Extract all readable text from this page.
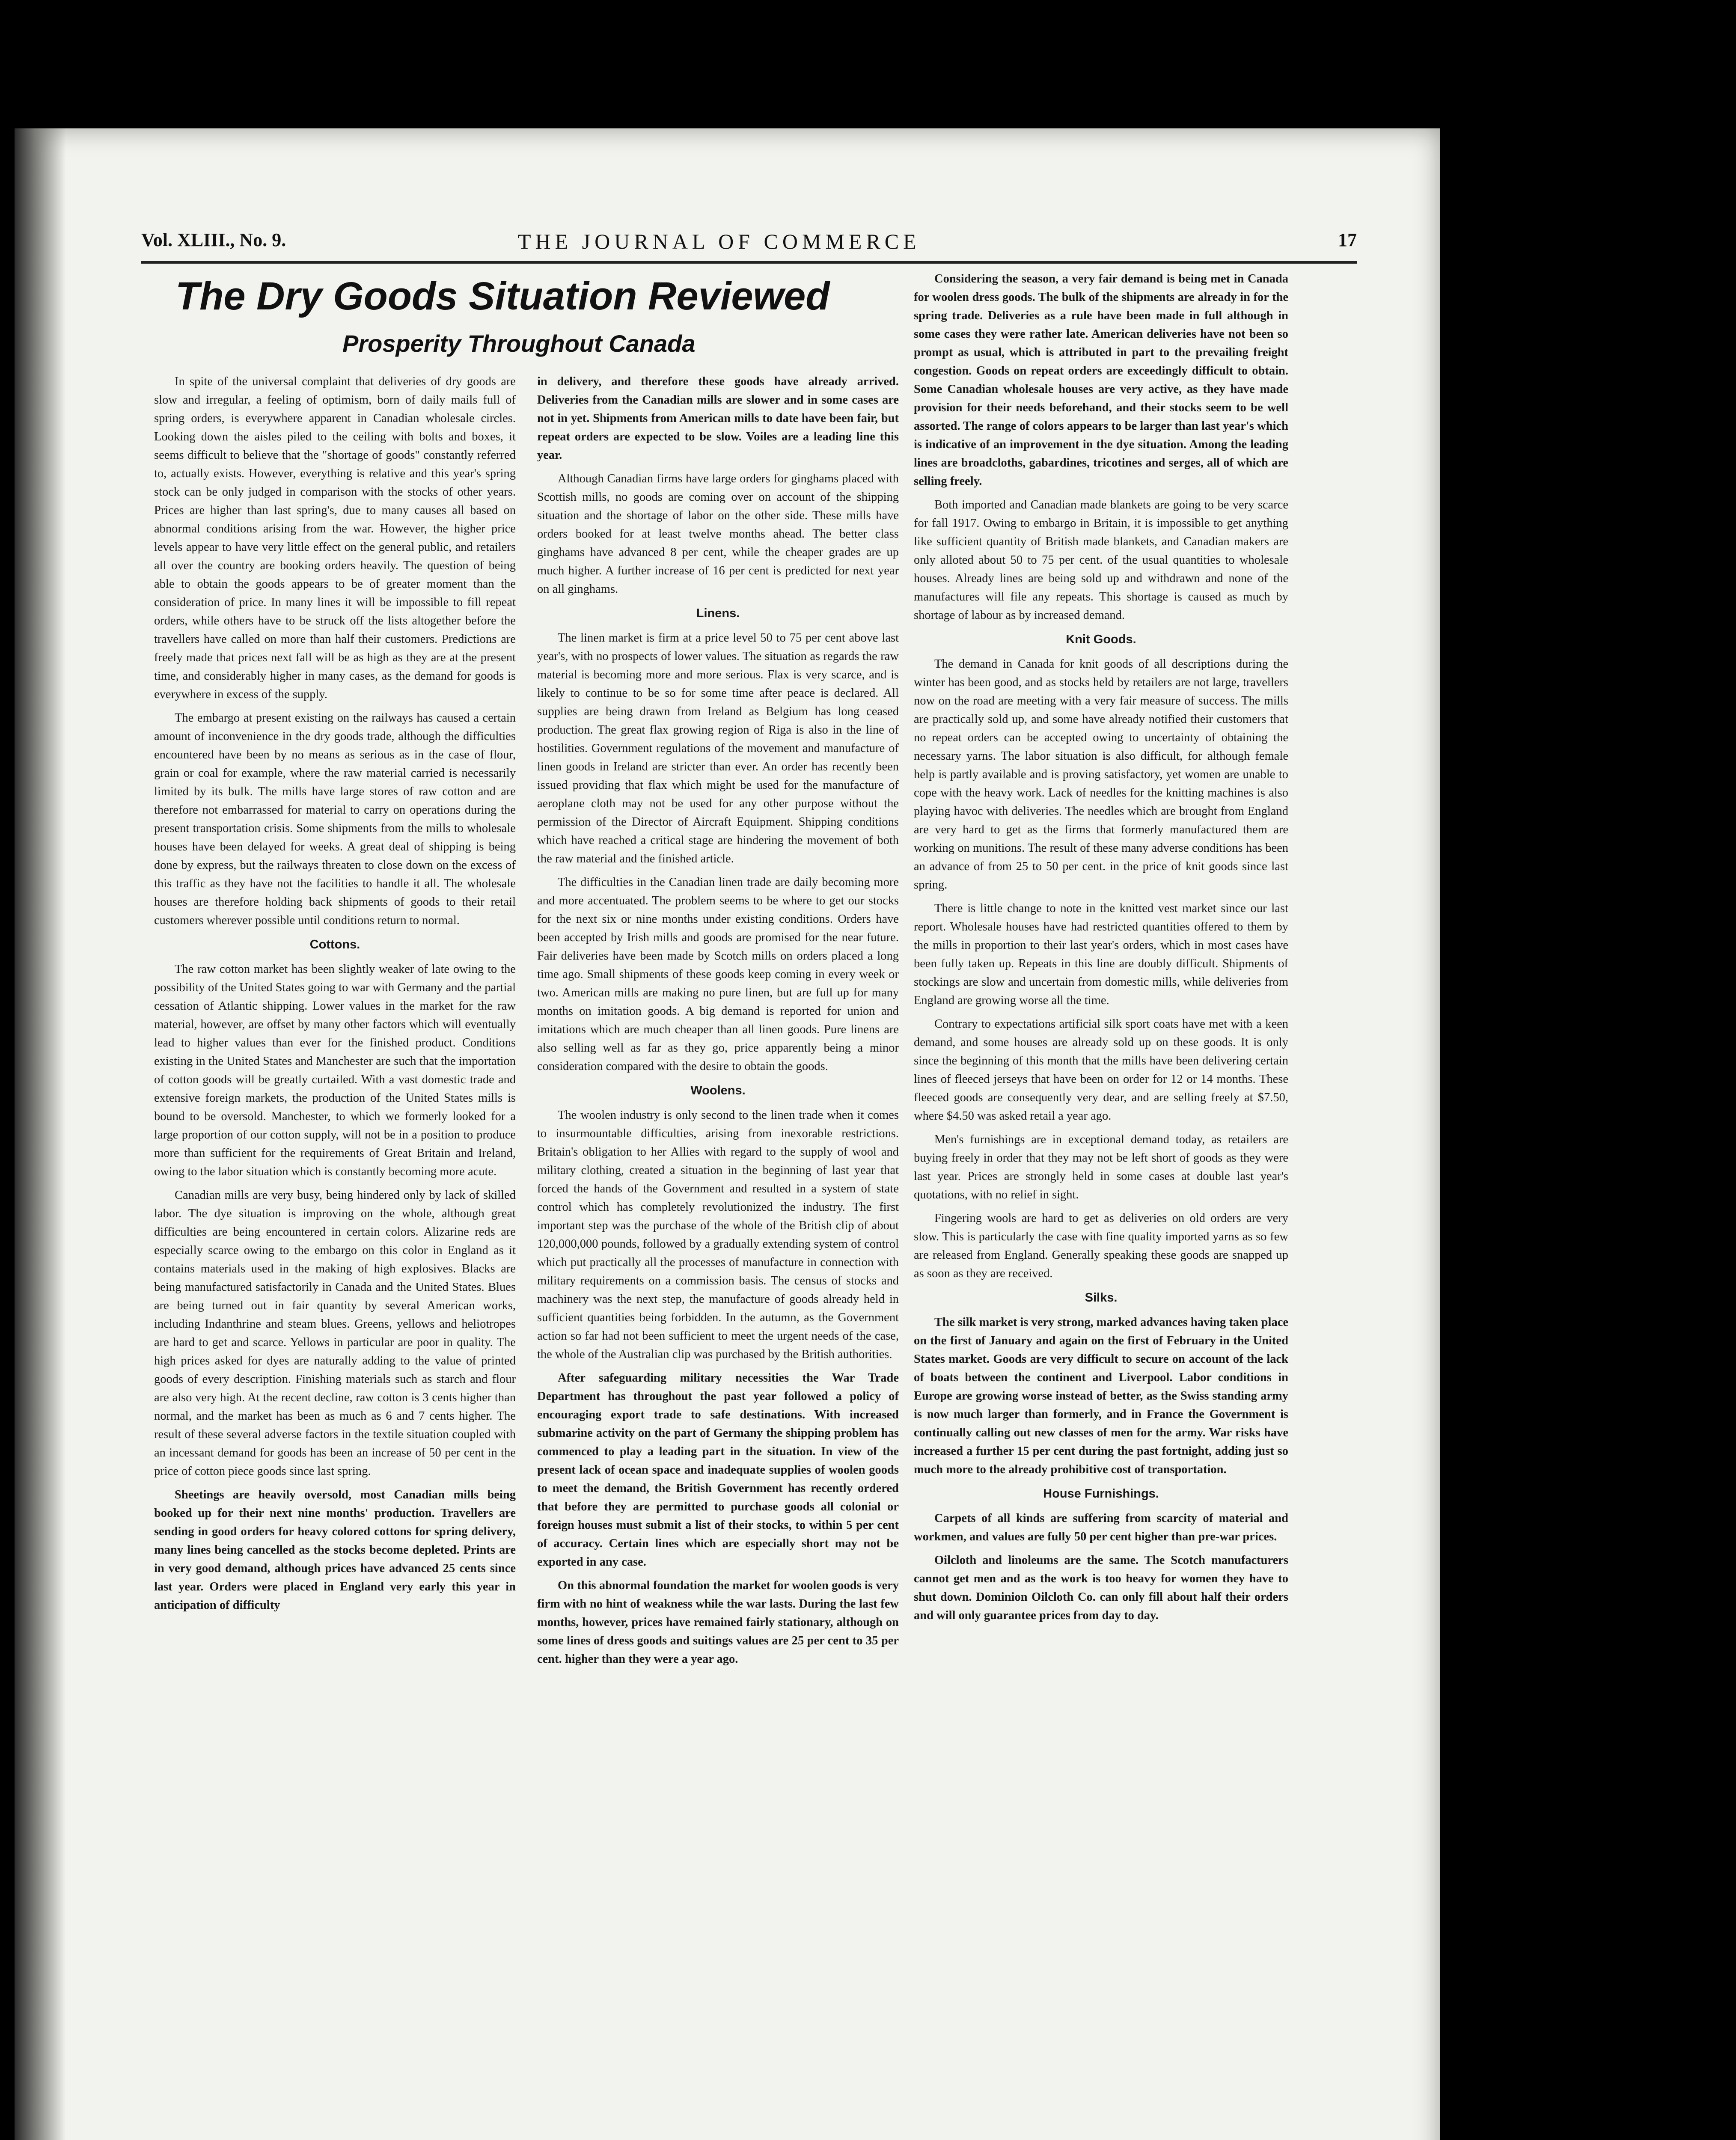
Vol. XLIII., No. 9.	THE JOURNAL OF COMMERCE	17
The Dry Goods Situation Reviewed
Prosperity Throughout Canada

In spite of the universal complaint that deliveries of dry goods are slow and irregular, a feeling of optimism, born of daily mails full of spring orders, is everywhere apparent in Canadian wholesale circles. Looking down the aisles piled to the ceiling with bolts and boxes, it seems difficult to believe that the "shortage of goods" constantly referred to, actually exists. However, everything is relative and this year's spring stock can be only judged in comparison with the stocks of other years. Prices are higher than last spring's, due to many causes all based on abnormal conditions arising from the war. However, the higher price levels appear to have very little effect on the general public, and retailers all over the country are booking orders heavily. The question of being able to obtain the goods appears to be of greater moment than the consideration of price. In many lines it will be impossible to fill repeat orders, while others have to be struck off the lists altogether before the travellers have called on more than half their customers. Predictions are freely made that prices next fall will be as high as they are at the present time, and considerably higher in many cases, as the demand for goods is everywhere in excess of the supply.

The embargo at present existing on the railways has caused a certain amount of inconvenience in the dry goods trade, although the difficulties encountered have been by no means as serious as in the case of flour, grain or coal for example, where the raw material carried is necessarily limited by its bulk. The mills have large stores of raw cotton and are therefore not embarrassed for material to carry on operations during the present transportation crisis. Some shipments from the mills to wholesale houses have been delayed for weeks. A great deal of shipping is being done by express, but the railways threaten to close down on the excess of this traffic as they have not the facilities to handle it all. The wholesale houses are therefore holding back shipments of goods to their retail customers wherever possible until conditions return to normal.

Cottons.

The raw cotton market has been slightly weaker of late owing to the possibility of the United States going to war with Germany and the partial cessation of Atlantic shipping. Lower values in the market for the raw material, however, are offset by many other factors which will eventually lead to higher values than ever for the finished product. Conditions existing in the United States and Manchester are such that the importation of cotton goods will be greatly curtailed. With a vast domestic trade and extensive foreign markets, the production of the United States mills is bound to be oversold. Manchester, to which we formerly looked for a large proportion of our cotton supply, will not be in a position to produce more than sufficient for the requirements of Great Britain and Ireland, owing to the labor situation which is constantly becoming more acute.

Canadian mills are very busy, being hindered only by lack of skilled labor. The dye situation is improving on the whole, although great difficulties are being encountered in certain colors. Alizarine reds are especially scarce owing to the embargo on this color in England as it contains materials used in the making of high explosives. Blacks are being manufactured satisfactorily in Canada and the United States. Blues are being turned out in fair quantity by several American works, including Indanthrine and steam blues. Greens, yellows and heliotropes are hard to get and scarce. Yellows in particular are poor in quality. The high prices asked for dyes are naturally adding to the value of printed goods of every description. Finishing materials such as starch and flour are also very high. At the recent decline, raw cotton is 3 cents higher than normal, and the market has been as much as 6 and 7 cents higher. The result of these several adverse factors in the textile situation coupled with an incessant demand for goods has been an increase of 50 per cent in the price of cotton piece goods since last spring.

Sheetings are heavily oversold, most Canadian mills being booked up for their next nine months' production. Travellers are sending in good orders for heavy colored cottons for spring delivery, many lines being cancelled as the stocks become depleted. Prints are in very good demand, although prices have advanced 25 cents since last year. Orders were placed in England very early this year in anticipation of difficulty

in delivery, and therefore these goods have already arrived. Deliveries from the Canadian mills are slower and in some cases are not in yet. Shipments from American mills to date have been fair, but repeat orders are expected to be slow. Voiles are a leading line this year.

Although Canadian firms have large orders for ginghams placed with Scottish mills, no goods are coming over on account of the shipping situation and the shortage of labor on the other side. These mills have orders booked for at least twelve months ahead. The better class ginghams have advanced 8 per cent, while the cheaper grades are up much higher. A further increase of 16 per cent is predicted for next year on all ginghams.

Linens.

The linen market is firm at a price level 50 to 75 per cent above last year's, with no prospects of lower values. The situation as regards the raw material is becoming more and more serious. Flax is very scarce, and is likely to continue to be so for some time after peace is declared. All supplies are being drawn from Ireland as Belgium has long ceased production. The great flax growing region of Riga is also in the line of hostilities. Government regulations of the movement and manufacture of linen goods in Ireland are stricter than ever. An order has recently been issued providing that flax which might be used for the manufacture of aeroplane cloth may not be used for any other purpose without the permission of the Director of Aircraft Equipment. Shipping conditions which have reached a critical stage are hindering the movement of both the raw material and the finished article.

The difficulties in the Canadian linen trade are daily becoming more and more accentuated. The problem seems to be where to get our stocks for the next six or nine months under existing conditions. Orders have been accepted by Irish mills and goods are promised for the near future. Fair deliveries have been made by Scotch mills on orders placed a long time ago. Small shipments of these goods keep coming in every week or two. American mills are making no pure linen, but are full up for many months on imitation goods. A big demand is reported for union and imitations which are much cheaper than all linen goods. Pure linens are also selling well as far as they go, price apparently being a minor consideration compared with the desire to obtain the goods.

Woolens.

The woolen industry is only second to the linen trade when it comes to insurmountable difficulties, arising from inexorable restrictions. Britain's obligation to her Allies with regard to the supply of wool and military clothing, created a situation in the beginning of last year that forced the hands of the Government and resulted in a system of state control which has completely revolutionized the industry. The first important step was the purchase of the whole of the British clip of about 120,000,000 pounds, followed by a gradually extending system of control which put practically all the processes of manufacture in connection with military requirements on a commission basis. The census of stocks and machinery was the next step, the manufacture of goods already held in sufficient quantities being forbidden. In the autumn, as the Government action so far had not been sufficient to meet the urgent needs of the case, the whole of the Australian clip was purchased by the British authorities.

After safeguarding military necessities the War Trade Department has throughout the past year followed a policy of encouraging export trade to safe destinations. With increased submarine activity on the part of Germany the shipping problem has commenced to play a leading part in the situation. In view of the present lack of ocean space and inadequate supplies of woolen goods to meet the demand, the British Government has recently ordered that before they are permitted to purchase goods all colonial or foreign houses must submit a list of their stocks, to within 5 per cent of accuracy. Certain lines which are especially short may not be exported in any case.

On this abnormal foundation the market for woolen goods is very firm with no hint of weakness while the war lasts. During the last few months, however, prices have remained fairly stationary, although on some lines of dress goods and suitings values are 25 per cent to 35 per cent. higher than they were a year ago.

Considering the season, a very fair demand is being met in Canada for woolen dress goods. The bulk of the shipments are already in for the spring trade. Deliveries as a rule have been made in full although in some cases they were rather late. American deliveries have not been so prompt as usual, which is attributed in part to the prevailing freight congestion. Goods on repeat orders are exceedingly difficult to obtain. Some Canadian wholesale houses are very active, as they have made provision for their needs beforehand, and their stocks seem to be well assorted. The range of colors appears to be larger than last year's which is indicative of an improvement in the dye situation. Among the leading lines are broadcloths, gabardines, tricotines and serges, all of which are selling freely.

Both imported and Canadian made blankets are going to be very scarce for fall 1917. Owing to embargo in Britain, it is impossible to get anything like sufficient quantity of British made blankets, and Canadian makers are only alloted about 50 to 75 per cent. of the usual quantities to wholesale houses. Already lines are being sold up and withdrawn and none of the manufactures will file any repeats. This shortage is caused as much by shortage of labour as by increased demand.

Knit Goods.

The demand in Canada for knit goods of all descriptions during the winter has been good, and as stocks held by retailers are not large, travellers now on the road are meeting with a very fair measure of success. The mills are practically sold up, and some have already notified their customers that no repeat orders can be accepted owing to uncertainty of obtaining the necessary yarns. The labor situation is also difficult, for although female help is partly available and is proving satisfactory, yet women are unable to cope with the heavy work. Lack of needles for the knitting machines is also playing havoc with deliveries. The needles which are brought from England are very hard to get as the firms that formerly manufactured them are working on munitions. The result of these many adverse conditions has been an advance of from 25 to 50 per cent. in the price of knit goods since last spring.

There is little change to note in the knitted vest market since our last report. Wholesale houses have had restricted quantities offered to them by the mills in proportion to their last year's orders, which in most cases have been fully taken up. Repeats in this line are doubly difficult. Shipments of stockings are slow and uncertain from domestic mills, while deliveries from England are growing worse all the time.

Contrary to expectations artificial silk sport coats have met with a keen demand, and some houses are already sold up on these goods. It is only since the beginning of this month that the mills have been delivering certain lines of fleeced jerseys that have been on order for 12 or 14 months. These fleeced goods are consequently very dear, and are selling freely at $7.50, where $4.50 was asked retail a year ago.

Men's furnishings are in exceptional demand today, as retailers are buying freely in order that they may not be left short of goods as they were last year. Prices are strongly held in some cases at double last year's quotations, with no relief in sight.

Fingering wools are hard to get as deliveries on old orders are very slow. This is particularly the case with fine quality imported yarns as so few are released from England. Generally speaking these goods are snapped up as soon as they are received.

Silks.

The silk market is very strong, marked advances having taken place on the first of January and again on the first of February in the United States market. Goods are very difficult to secure on account of the lack of boats between the continent and Liverpool. Labor conditions in Europe are growing worse instead of better, as the Swiss standing army is now much larger than formerly, and in France the Government is continually calling out new classes of men for the army. War risks have increased a further 15 per cent during the past fortnight, adding just so much more to the already prohibitive cost of transportation.

House Furnishings.

Carpets of all kinds are suffering from scarcity of material and workmen, and values are fully 50 per cent higher than pre-war prices.

Oilcloth and linoleums are the same. The Scotch manufacturers cannot get men and as the work is too heavy for women they have to shut down. Dominion Oilcloth Co. can only fill about half their orders and will only guarantee prices from day to day.
